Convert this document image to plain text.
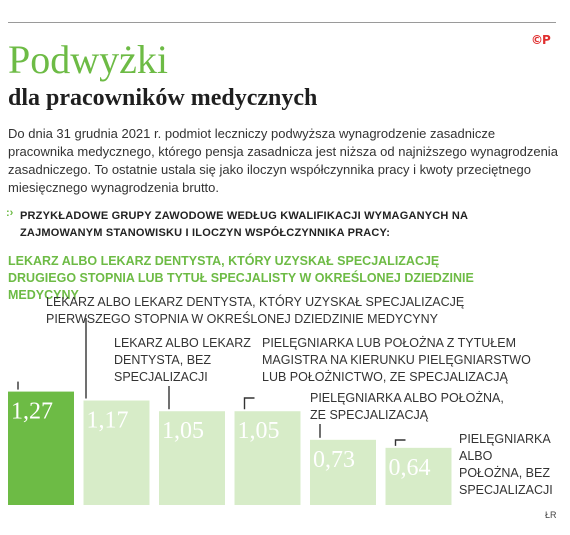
©P
Podwyżki
dla pracowników medycznych

Do dnia 31 grudnia 2021 r. podmiot leczniczy podwyższa wynagrodzenie zasadnicze pracownika medycznego, którego pensja zasadnicza jest niższa od najniższego wynagrodzenia zasadniczego. To ostatnie ustala się jako iloczyn współczynnika pracy i kwoty przeciętnego miesięcznego wynagrodzenia brutto.

:› PRZYKŁADOWE GRUPY ZAWODOWE WEDŁUG KWALIFIKACJI WYMAGANYCH NA ZAJMOWANYM STANOWISKU I ILOCZYN WSPÓŁCZYNNIKA PRACY:

LEKARZ ALBO LEKARZ DENTYSTA, KTÓRY UZYSKAŁ SPECJALIZACJĘ DRUGIEGO STOPNIA LUB TYTUŁ SPECJALISTY W OKREŚLONEJ DZIEDZINIE MEDYCYNY
LEKARZ ALBO LEKARZ DENTYSTA, KTÓRY UZYSKAŁ SPECJALIZACJĘ PIERWSZEGO STOPNIA W OKREŚLONEJ DZIEDZINIE MEDYCYNY
LEKARZ ALBO LEKARZ DENTYSTA, BEZ SPECJALIZACJI
PIELĘGNIARKA LUB POŁOŻNA Z TYTUŁEM MAGISTRA NA KIERUNKU PIELĘGNIARSTWO LUB POŁOŻNICTWO, ZE SPECJALIZACJĄ
PIELĘGNIARKA ALBO POŁOŻNA, ZE SPECJALIZACJĄ
PIELĘGNIARKA ALBO POŁOŻNA, BEZ SPECJALIZACJI
1,27 1,17 1,05 1,05
0,73 0,64
ŁR
